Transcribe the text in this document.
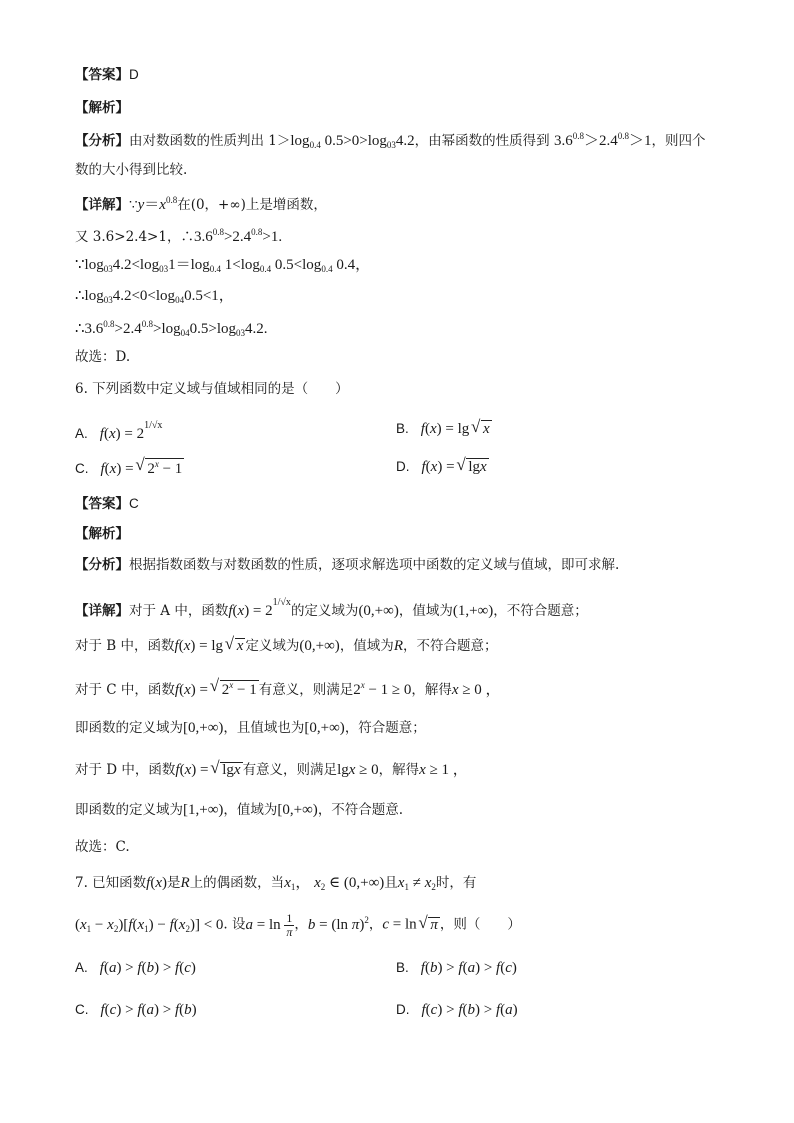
【答案】D
【解析】
【分析】由对数函数的性质判出 $1>\log_{0.4}$ $0.5>0>\log_{03}4.2$，由幂函数的性质得到 $3.6^{0.8}>2.4^{0.8}>1$，则四个
数的大小得到比较.
【详解】$\because y=x^{0.8}$在(0，+∞)上是增函数，
又 3.6>2.4>1，$\therefore 3.6^{0.8}>2.4^{0.8}>1$.
$\because\log_{03}4.2<\log_{03}1=\log_{0.4}$ $1<\log_{0.4}$ $0.5<\log_{0.4}$ 0.4，
$\therefore\log_{03}4.2<0<\log_{04}0.5<1$，
$\therefore 3.6^{0.8}>2.4^{0.8}>\log_{04}0.5>\log_{03}4.2$.
故选：D.
6. 下列函数中定义域与值域相同的是（　　）
A. $f(x) = 2^{1/√x}$	B. f(x) = lg √ x
C. f(x) = √ $2^x - 1$	D. f(x) = √ lgx
【答案】C
【解析】
【分析】根据指数函数与对数函数的性质，逐项求解选项中函数的定义域与值域，即可求解.
【详解】对于 A 中，函数$f(x) = 2^{1/√x}$的定义域为(0,+∞)，值域为(1,+∞)，不符合题意；
对于 B 中，函数f(x) = lg √ x 定义域为(0,+∞)，值域为R，不符合题意；
对于 C 中，函数f(x) = √ $2^x - 1$ 有意义，则满足$2^x - 1 \ge 0$，解得x ≥ 0 ，
即函数的定义域为[0,+∞)，且值域也为[0,+∞)，符合题意；
对于 D 中，函数f(x) = √ lgx 有意义，则满足lgx ≥ 0，解得x ≥ 1 ，
即函数的定义域为[1,+∞)，值域为[0,+∞)，不符合题意.
故选：C.
7. 已知函数f(x)是R上的偶函数，当$x_1$， $x_2$ ∈ (0,+∞)且$x_1 \ne x_2$时，有
$(x_1 - x_2)[f(x_1) - f(x_2)] < 0$. 设$a = \ln \frac{1}{\pi}$ ，b = (ln π)$^2$，c = ln √ π ，则（　　）
A. f(a) > f(b) > f(c)	B. f(b) > f(a) > f(c)
C. f(c) > f(a) > f(b)	D. f(c) > f(b) > f(a)
